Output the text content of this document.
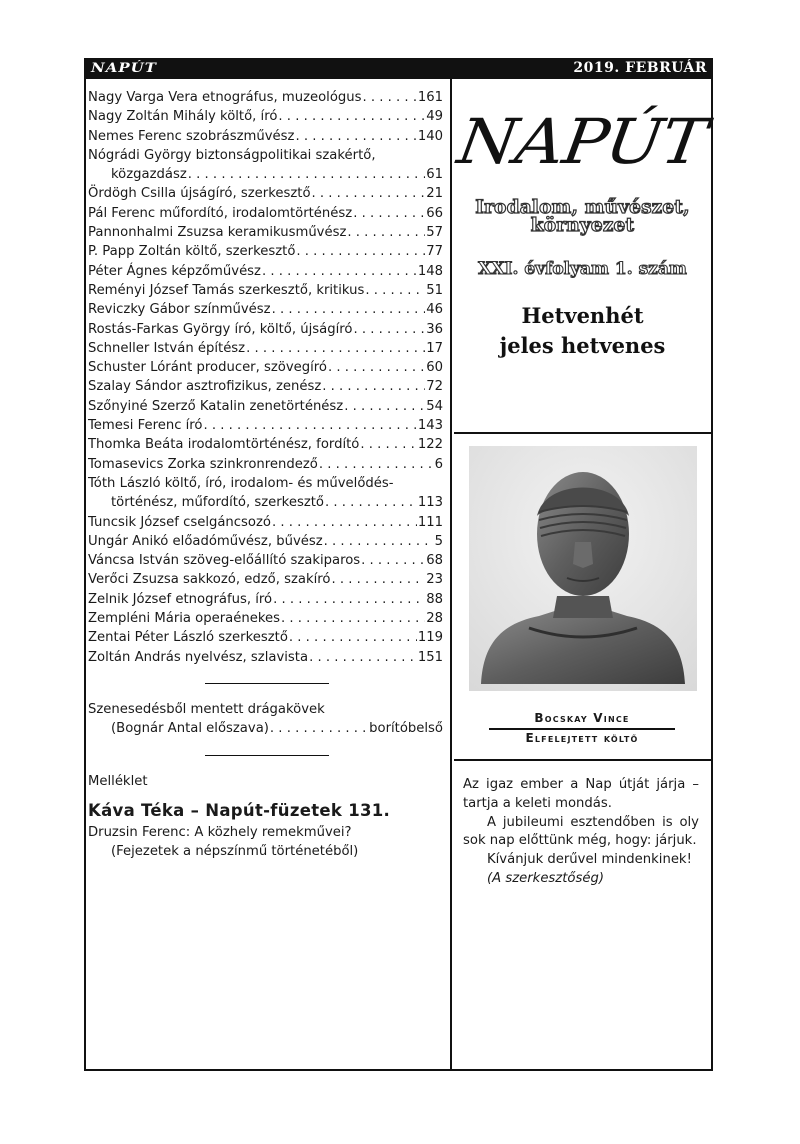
NAPÚT	2019. FEBRUÁR
Nagy Varga Vera etnográfus, muzeológus . . .	161
Nagy Zoltán Mihály költő, író . . .	49
Nemes Ferenc szobrászművész . . .	140
Nógrádi György biztonságpolitikai szakértő,
közgazdász . . .	61
Ördögh Csilla újságíró, szerkesztő . . .	21
Pál Ferenc műfordító, irodalomtörténész . . .	66
Pannonhalmi Zsuzsa keramikusművész . . .	57
P. Papp Zoltán költő, szerkesztő . . .	77
Péter Ágnes képzőművész . . .	148
Reményi József Tamás szerkesztő, kritikus . . .	51
Reviczky Gábor színművész . . .	46
Rostás-Farkas György író, költő, újságíró . . .	36
Schneller István építész . . .	17
Schuster Lóránt producer, szövegíró . . .	60
Szalay Sándor asztrofizikus, zenész . . .	72
Szőnyiné Szerző Katalin zenetörténész . . .	54
Temesi Ferenc író . . .	143
Thomka Beáta irodalomtörténész, fordító . . .	122
Tomasevics Zorka szinkronrendező . . .	6
Tóth László költő, író, irodalom- és művelődés-
történész, műfordító, szerkesztő . . .	113
Tuncsik József cselgáncsozó . . .	111
Ungár Anikó előadóművész, bűvész . . .	5
Váncsa István szöveg-előállító szakiparos . . .	68
Verőci Zsuzsa sakkozó, edző, szakíró . . .	23
Zelnik József etnográfus, író . . .	88
Zempléni Mária operaénekes . . .	28
Zentai Péter László szerkesztő . . .	119
Zoltán András nyelvész, szlavista . . .	151
Szenesedésből mentett drágakövek
(Bognár Antal előszava) . . .	borítóbelső
Melléklet
Káva Téka – Napút-füzetek 131.
Druzsin Ferenc: A közhely remekművei?
(Fejezetek a népszínmű történetéből)
NAPÚT
Irodalom, művészet,
környezet
XXI. évfolyam 1. szám
Hetvenhét
jeles hetvenes
Bocskay Vince
Elfelejtett költő

Az igaz ember a Nap útját járja – tartja a keleti mondás.

A jubileumi esztendőben is oly sok nap előttünk még, hogy: járjuk.

Kívánjuk derűvel mindenkinek!

(A szerkesztőség)
